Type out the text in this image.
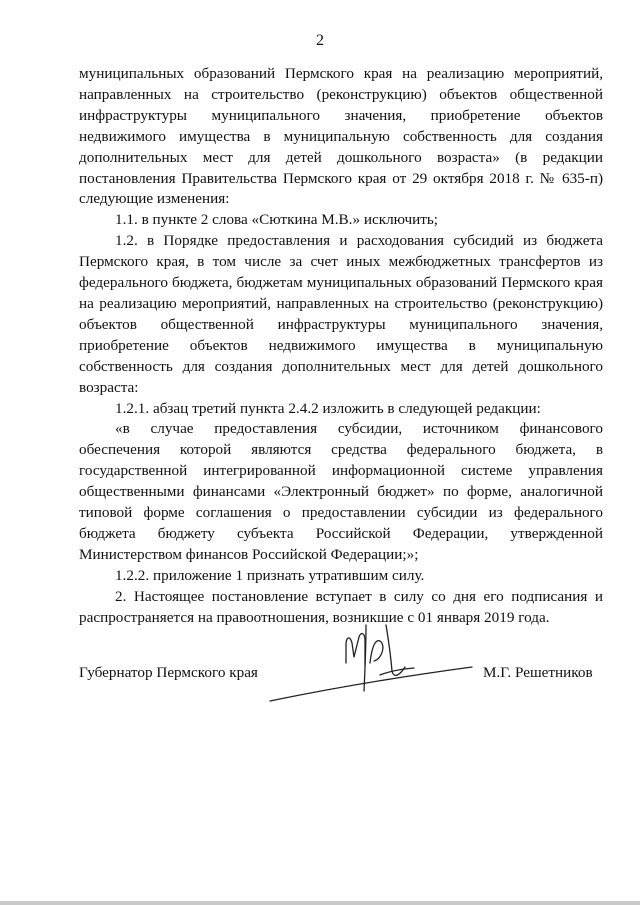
2

муниципальных образований Пермского края на реализацию мероприятий, направленных на строительство (реконструкцию) объектов общественной инфраструктуры муниципального значения, приобретение объектов недвижимого имущества в муниципальную собственность для создания дополнительных мест для детей дошкольного возраста» (в редакции постановления Правительства Пермского края от 29 октября 2018 г. № 635-п) следующие изменения:

1.1. в пункте 2 слова «Сюткина М.В.» исключить;

1.2. в Порядке предоставления и расходования субсидий из бюджета Пермского края, в том числе за счет иных межбюджетных трансфертов из федерального бюджета, бюджетам муниципальных образований Пермского края на реализацию мероприятий, направленных на строительство (реконструкцию) объектов общественной инфраструктуры муниципального значения, приобретение объектов недвижимого имущества в муниципальную собственность для создания дополнительных мест для детей дошкольного возраста:

1.2.1. абзац третий пункта 2.4.2 изложить в следующей редакции:

«в случае предоставления субсидии, источником финансового обеспечения которой являются средства федерального бюджета, в государственной интегрированной информационной системе управления общественными финансами «Электронный бюджет» по форме, аналогичной типовой форме соглашения о предоставлении субсидии из федерального бюджета бюджету субъекта Российской Федерации, утвержденной Министерством финансов Российской Федерации;»;

1.2.2. приложение 1 признать утратившим силу.

2. Настоящее постановление вступает в силу со дня его подписания и распространяется на правоотношения, возникшие с 01 января 2019 года.

Губернатор Пермского края	М.Г. Решетников
